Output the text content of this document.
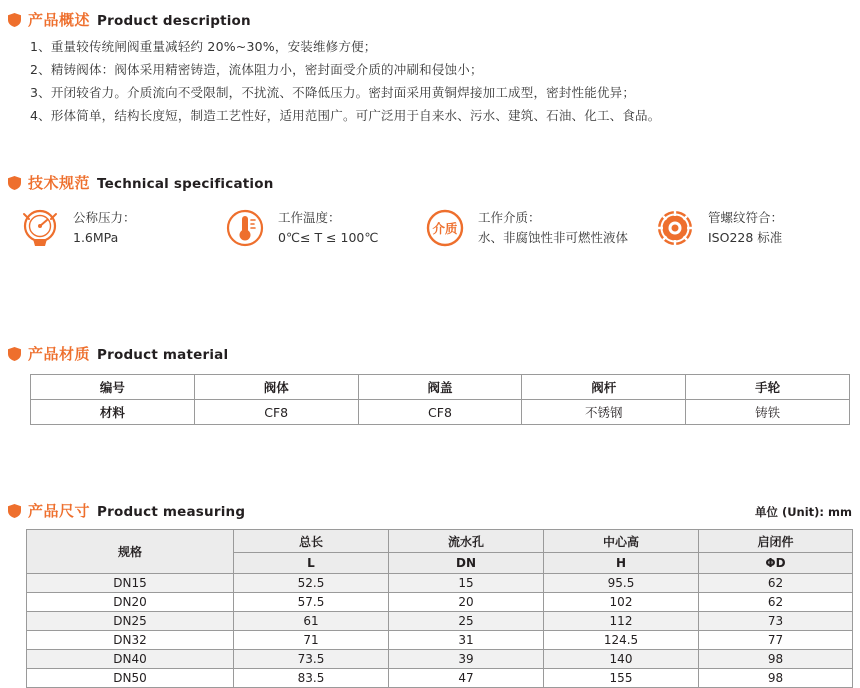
产品概述 Product description
1、重量较传统闸阀重量减轻约 20%~30%，安装维修方便；
2、精铸阀体：阀体采用精密铸造，流体阻力小，密封面受介质的冲刷和侵蚀小；
3、开闭较省力。介质流向不受限制，不扰流、不降低压力。密封面采用黄铜焊接加工成型，密封性能优异；
4、形体简单，结构长度短，制造工艺性好，适用范围广。可广泛用于自来水、污水、建筑、石油、化工、食品。
技术规范 Technical specification
公称压力：
1.6MPa
工作温度：
0℃≤ T ≤ 100℃
介质
工作介质：
水、非腐蚀性非可燃性液体
管螺纹符合：
ISO228 标准
产品材质 Product material
编号	阀体	阀盖	阀杆	手轮
材料	CF8	CF8	不锈钢	铸铁
产品尺寸 Product measuring	单位 (Unit): mm
规格	总长	流水孔	中心高	启闭件
	L	DN	H	ΦD
DN15	52.5	15	95.5	62
DN20	57.5	20	102	62
DN25	61	25	112	73
DN32	71	31	124.5	77
DN40	73.5	39	140	98
DN50	83.5	47	155	98
